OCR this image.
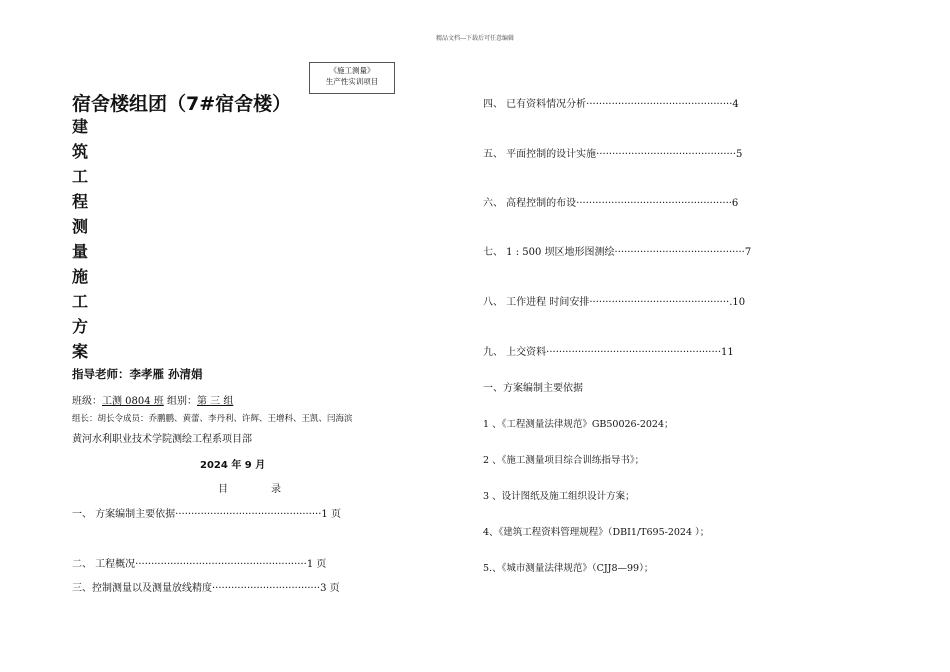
精品文档---下载后可任意编辑
《施工测量》
生产性实训项目
宿舍楼组团（7#宿舍楼）
建
筑
工
程
测
量
施
工
方
案
指导老师：李孝雁 孙清娟
班级：工测 0804 班 组别：第 三 组
组长：胡长令成员：乔鹏鹏、黄蕾、李丹利、许辉、王增科、王凯、闫海滨
黄河水利职业技术学院测绘工程系项目部
2024 年 9 月
目	录
一、 方案编制主要依据··············································1 页
二、 工程概况······················································1 页
三、控制测量以及测量放线精度··································3 页
四、 已有资料情况分析··············································4
五、 平面控制的设计实施············································5
六、 高程控制的布设·················································6
七、 1 : 500 坝区地形图测绘·········································7
八、 工作进程 时间安排············································.10
九、 上交资料·······················································11
一、方案编制主要依据
1 、《工程测量法律规范》GB50026-2024；
2 、《施工测量项目综合训练指导书》；
3 、设计图纸及施工组织设计方案；
4、《建筑工程资料管理规程》（DBI1/T695-2024 ）；
5.、《城市测量法律规范》（CJJ8—99）；
